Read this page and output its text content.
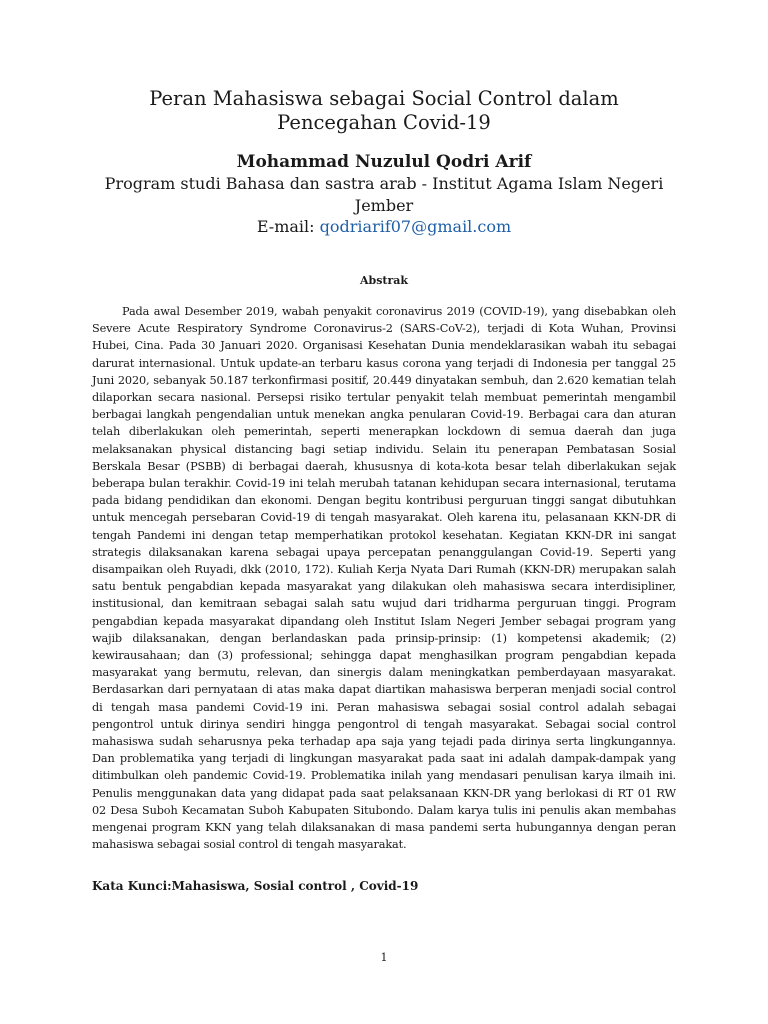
Peran Mahasiswa sebagai Social Control dalam
Pencegahan Covid-19
Mohammad Nuzulul Qodri Arif
Program studi Bahasa dan sastra arab - Institut Agama Islam Negeri Jember
E-mail: qodriarif07@gmail.com
Abstrak

Pada awal Desember 2019, wabah penyakit coronavirus 2019 (COVID-19), yang disebabkan oleh Severe Acute Respiratory Syndrome Coronavirus-2 (SARS-CoV-2), terjadi di Kota Wuhan, Provinsi Hubei, Cina. Pada 30 Januari 2020. Organisasi Kesehatan Dunia mendeklarasikan wabah itu sebagai darurat internasional. Untuk update-an terbaru kasus corona yang terjadi di Indonesia per tanggal 25 Juni 2020, sebanyak 50.187 terkonfirmasi positif, 20.449 dinyatakan sembuh, dan 2.620 kematian telah dilaporkan secara nasional. Persepsi risiko tertular penyakit telah membuat pemerintah mengambil berbagai langkah pengendalian untuk menekan angka penularan Covid-19. Berbagai cara dan aturan telah diberlakukan oleh pemerintah, seperti menerapkan lockdown di semua daerah dan juga melaksanakan physical distancing bagi setiap individu. Selain itu penerapan Pembatasan Sosial Berskala Besar (PSBB) di berbagai daerah, khususnya di kota-kota besar telah diberlakukan sejak beberapa bulan terakhir. Covid-19 ini telah merubah tatanan kehidupan secara internasional, terutama pada bidang pendidikan dan ekonomi. Dengan begitu kontribusi perguruan tinggi sangat dibutuhkan untuk mencegah persebaran Covid-19 di tengah masyarakat. Oleh karena itu, pelasanaan KKN-DR di tengah Pandemi ini dengan tetap memperhatikan protokol kesehatan. Kegiatan KKN-DR ini sangat strategis dilaksanakan karena sebagai upaya percepatan penanggulangan Covid-19. Seperti yang disampaikan oleh Ruyadi, dkk (2010, 172). Kuliah Kerja Nyata Dari Rumah (KKN-DR) merupakan salah satu bentuk pengabdian kepada masyarakat yang dilakukan oleh mahasiswa secara interdisipliner, institusional, dan kemitraan sebagai salah satu wujud dari tridharma perguruan tinggi. Program pengabdian kepada masyarakat dipandang oleh Institut Islam Negeri Jember sebagai program yang wajib dilaksanakan, dengan berlandaskan pada prinsip-prinsip: (1) kompetensi akademik; (2) kewirausahaan; dan (3) professional; sehingga dapat menghasilkan program pengabdian kepada masyarakat yang bermutu, relevan, dan sinergis dalam meningkatkan pemberdayaan masyarakat. Berdasarkan dari pernyataan di atas maka dapat diartikan mahasiswa berperan menjadi social control di tengah masa pandemi Covid-19 ini. Peran mahasiswa sebagai sosial control adalah sebagai pengontrol untuk dirinya sendiri hingga pengontrol di tengah masyarakat. Sebagai social control mahasiswa sudah seharusnya peka terhadap apa saja yang tejadi pada dirinya serta lingkungannya. Dan problematika yang terjadi di lingkungan masyarakat pada saat ini adalah dampak-dampak yang ditimbulkan oleh pandemic Covid-19. Problematika inilah yang mendasari penulisan karya ilmaih ini. Penulis menggunakan data yang didapat pada saat pelaksanaan KKN-DR yang berlokasi di RT 01 RW 02 Desa Suboh Kecamatan Suboh Kabupaten Situbondo. Dalam karya tulis ini penulis akan membahas mengenai program KKN yang telah dilaksanakan di masa pandemi serta hubungannya dengan peran mahasiswa sebagai sosial control di tengah masyarakat.

Kata Kunci:Mahasiswa, Sosial control , Covid-19
1
